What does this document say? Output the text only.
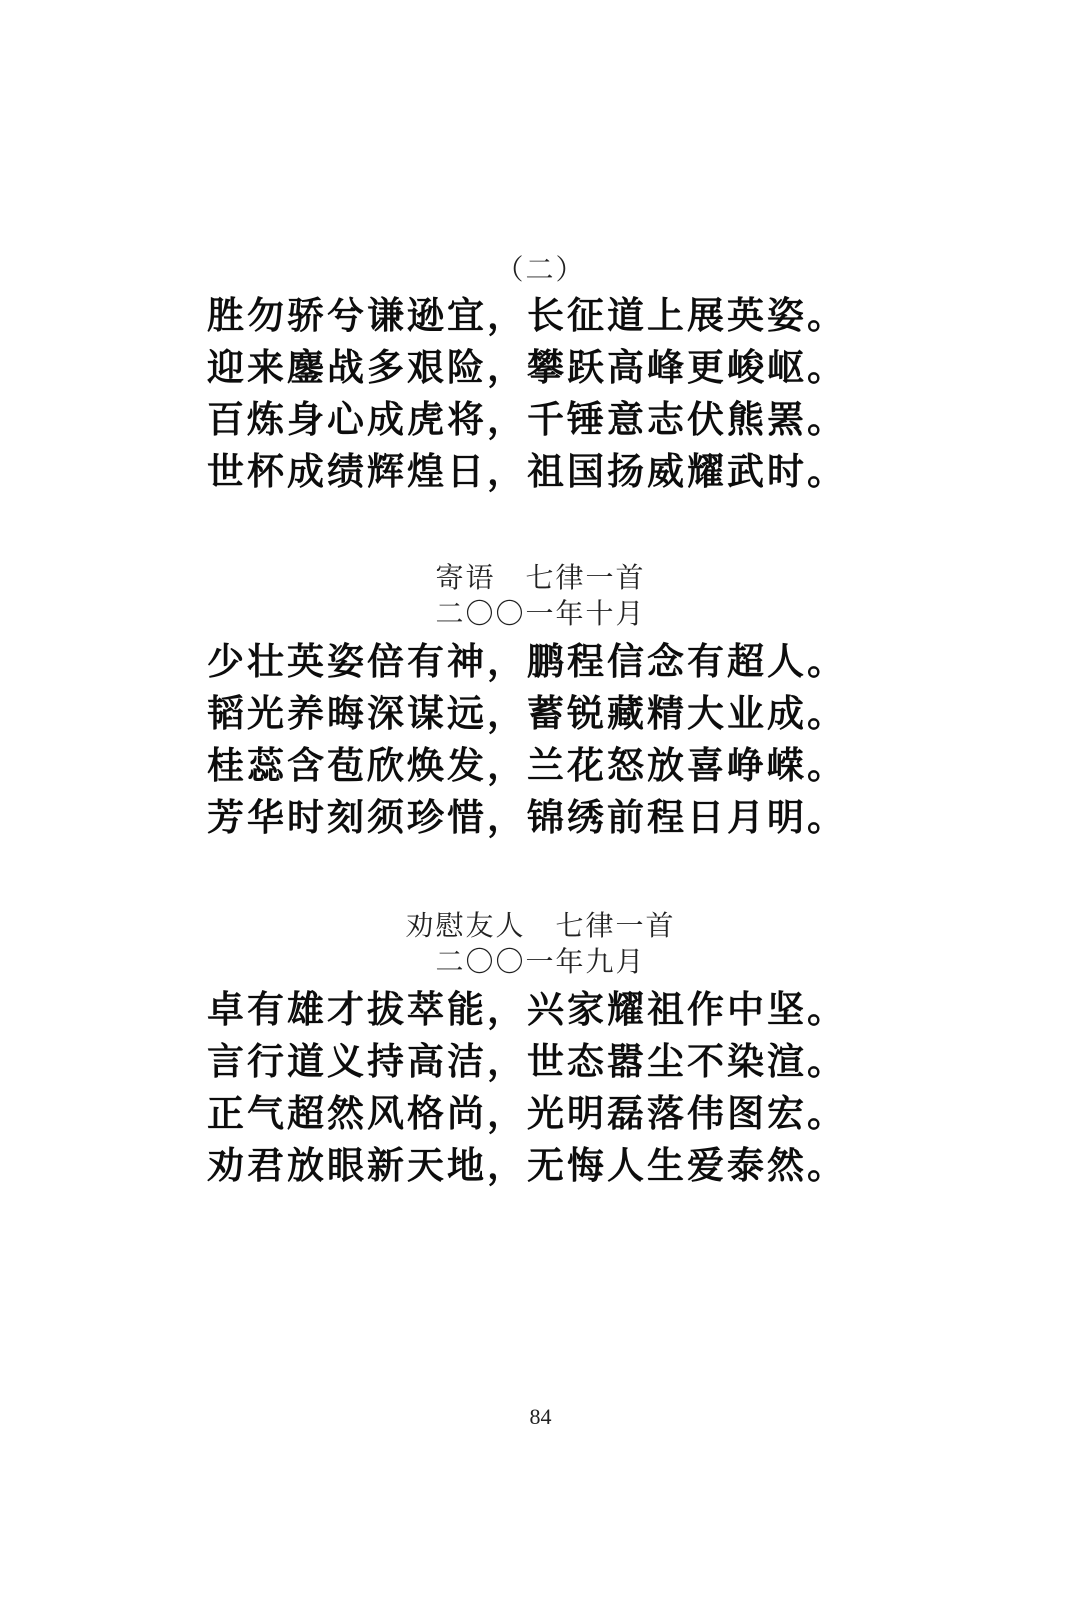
（二）
胜勿骄兮谦逊宜，长征道上展英姿。
迎来鏖战多艰险，攀跃高峰更峻岖。
百炼身心成虎将，千锤意志伏熊罴。
世杯成绩辉煌日，祖国扬威耀武时。
寄语　七律一首
二〇〇一年十月
少壮英姿倍有神，鹏程信念有超人。
韬光养晦深谋远，蓄锐藏精大业成。
桂蕊含苞欣焕发，兰花怒放喜峥嵘。
芳华时刻须珍惜，锦绣前程日月明。
劝慰友人　七律一首
二〇〇一年九月
卓有雄才拔萃能，兴家耀祖作中坚。
言行道义持高洁，世态嚣尘不染渲。
正气超然风格尚，光明磊落伟图宏。
劝君放眼新天地，无悔人生爱泰然。
84
